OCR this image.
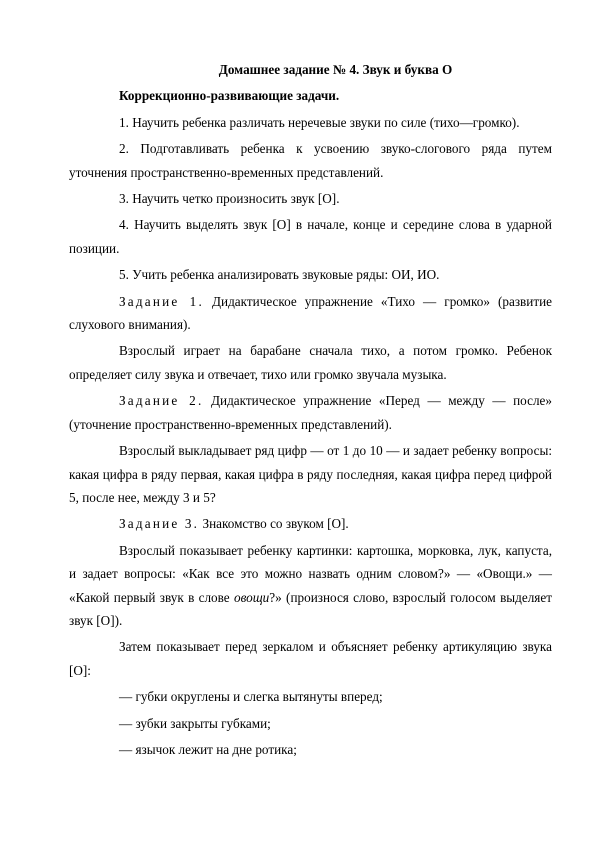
Домашнее задание № 4. Звук и буква О

Коррекционно-развивающие задачи.

1. Научить ребенка различать неречевые звуки по силе (тихо—громко).

2. Подготавливать ребенка к усвоению звуко-слогового ряда путем уточнения пространственно-временных представлений.

3. Научить четко произносить звук [О].

4. Научить выделять звук [О] в начале, конце и середине слова в ударной позиции.

5. Учить ребенка анализировать звуковые ряды: ОИ, ИО.

Задание 1. Дидактическое упражнение «Тихо — громко» (развитие слухового внимания).

Взрослый играет на барабане сначала тихо, а потом громко. Ребенок определяет силу звука и отвечает, тихо или громко звучала музыка.

Задание 2. Дидактическое упражнение «Перед — между — после» (уточнение пространственно-временных представлений).

Взрослый выкладывает ряд цифр — от 1 до 10 — и задает ребенку вопросы: какая цифра в ряду первая, какая цифра в ряду последняя, какая цифра перед цифрой 5, после нее, между 3 и 5?

Задание 3. Знакомство со звуком [О].

Взрослый показывает ребенку картинки: картошка, морковка, лук, капуста, и задает вопросы: «Как все это можно назвать одним словом?» — «Овощи.» — «Какой первый звук в слове овощи?» (произнося слово, взрослый голосом выделяет звук [О]).

Затем показывает перед зеркалом и объясняет ребенку артикуляцию звука [О]:

— губки округлены и слегка вытянуты вперед;

— зубки закрыты губками;

— язычок лежит на дне ротика;
